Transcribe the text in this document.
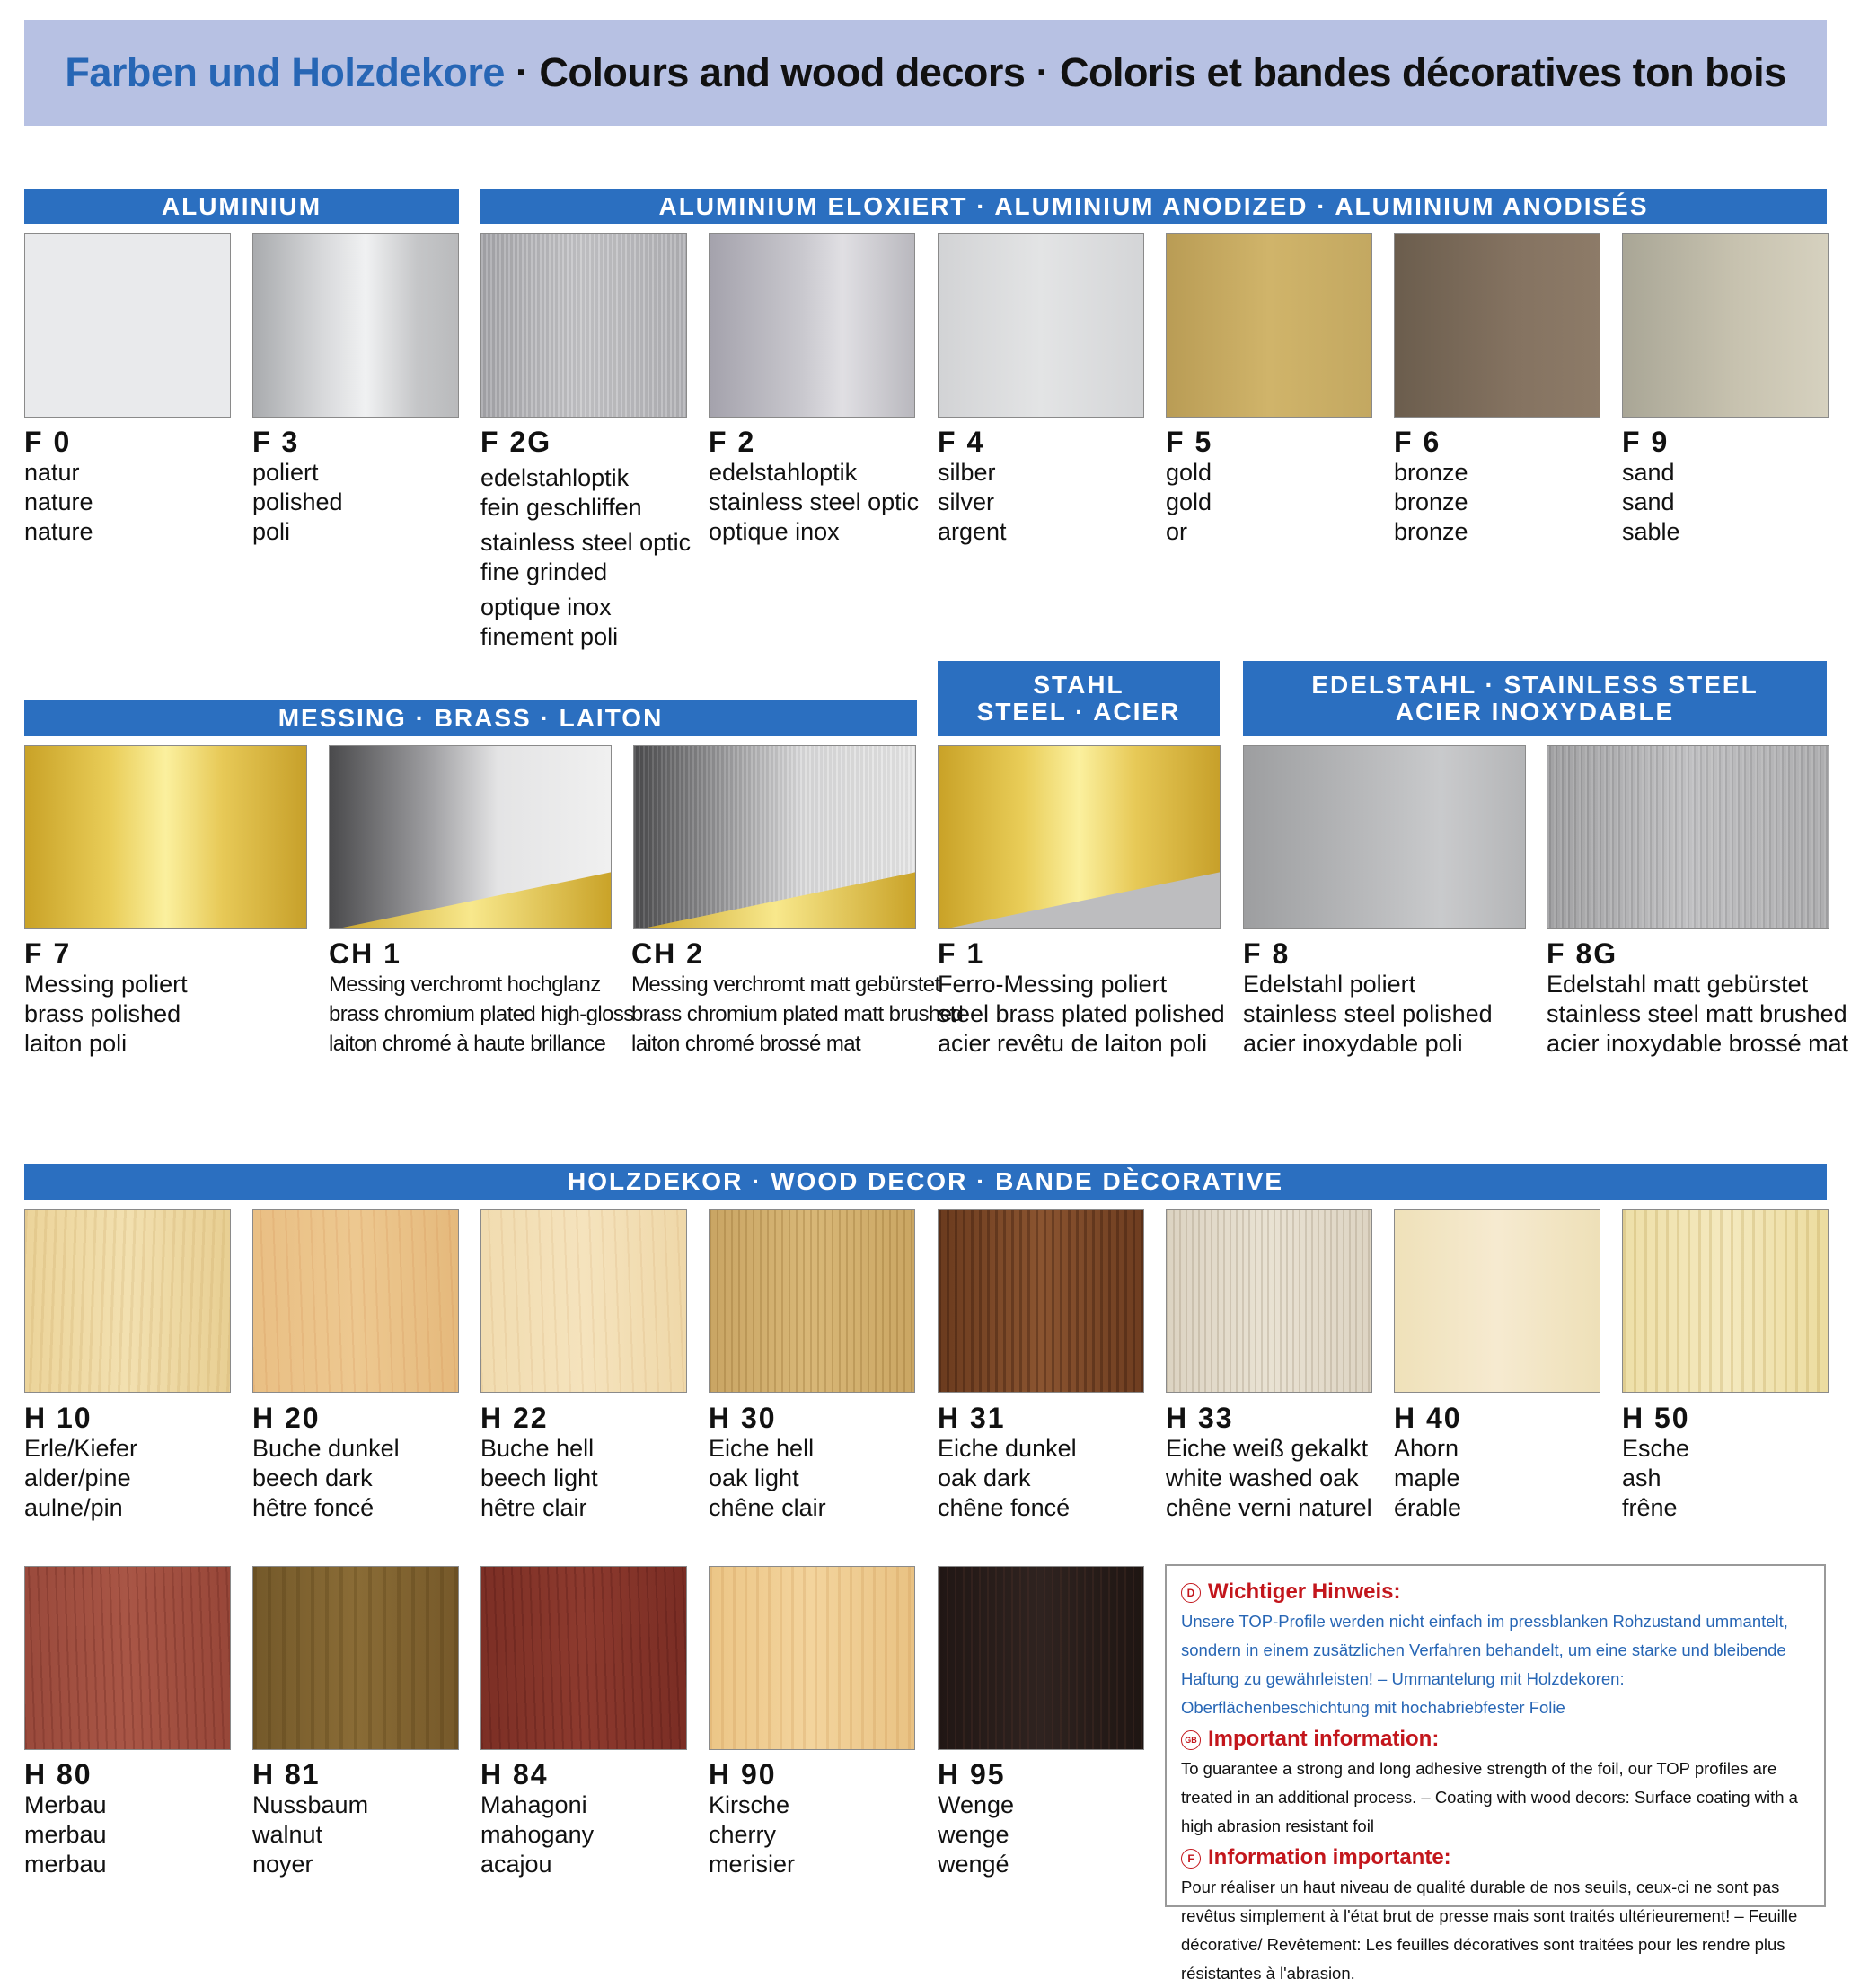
Farben und Holzdekore · Colours and wood decors · Coloris et bandes décoratives ton bois
ALUMINIUM	ALUMINIUM ELOXIERT · ALUMINIUM ANODIZED · ALUMINIUM ANODISÉS
MESSING · BRASS · LAITON
STAHL
STEEL · ACIER
EDELSTAHL · STAINLESS STEEL
ACIER INOXYDABLE
HOLZDEKOR · WOOD DECOR · BANDE DÈCORATIVE
F 0
natur
nature
nature
F 3
poliert
polished
poli
F 2G
edelstahloptik
fein geschliffen
stainless steel optic
fine grinded
optique inox
finement poli
F 2
edelstahloptik
stainless steel optic
optique inox
F 4
silber
silver
argent
F 5
gold
gold
or
F 6
bronze
bronze
bronze
F 9
sand
sand
sable
F 7
Messing poliert
brass polished
laiton poli
CH 1
Messing verchromt hochglanz
brass chromium plated high-gloss
laiton chromé à haute brillance
CH 2
Messing verchromt matt gebürstet
brass chromium plated matt brushed
laiton chromé brossé mat
F 1
Ferro-Messing poliert
steel brass plated polished
acier revêtu de laiton poli
F 8
Edelstahl poliert
stainless steel polished
acier inoxydable poli
F 8G
Edelstahl matt gebürstet
stainless steel matt brushed
acier inoxydable brossé mat
H 10
Erle/Kiefer
alder/pine
aulne/pin
H 20
Buche dunkel
beech dark
hêtre foncé
H 22
Buche hell
beech light
hêtre clair
H 30
Eiche hell
oak light
chêne clair
H 31
Eiche dunkel
oak dark
chêne foncé
H 33
Eiche weiß gekalkt
white washed oak
chêne verni naturel
H 40
Ahorn
maple
érable
H 50
Esche
ash
frêne
H 80
Merbau
merbau
merbau
H 81
Nussbaum
walnut
noyer
H 84
Mahagoni
mahogany
acajou
H 90
Kirsche
cherry
merisier
H 95
Wenge
wenge
wengé
D Wichtiger Hinweis:

Unsere TOP-Profile werden nicht einfach im pressblanken Rohzustand ummantelt, sondern in einem zusätzlichen Verfahren behandelt, um eine starke und bleibende Haftung zu gewährleisten! – Ummantelung mit Holzdekoren: Oberflächenbeschichtung mit hochabriebfester Folie

GB Important information:

To guarantee a strong and long adhesive strength of the foil, our TOP profiles are treated in an additional process. – Coating with wood decors: Surface coating with a high abrasion resistant foil

F Information importante:

Pour réaliser un haut niveau de qualité durable de nos seuils, ceux-ci ne sont pas revêtus simplement à l'état brut de presse mais sont traités ultérieurement! – Feuille décorative/ Revêtement: Les feuilles décoratives sont traitées pour les rendre plus résistantes à l'abrasion.
